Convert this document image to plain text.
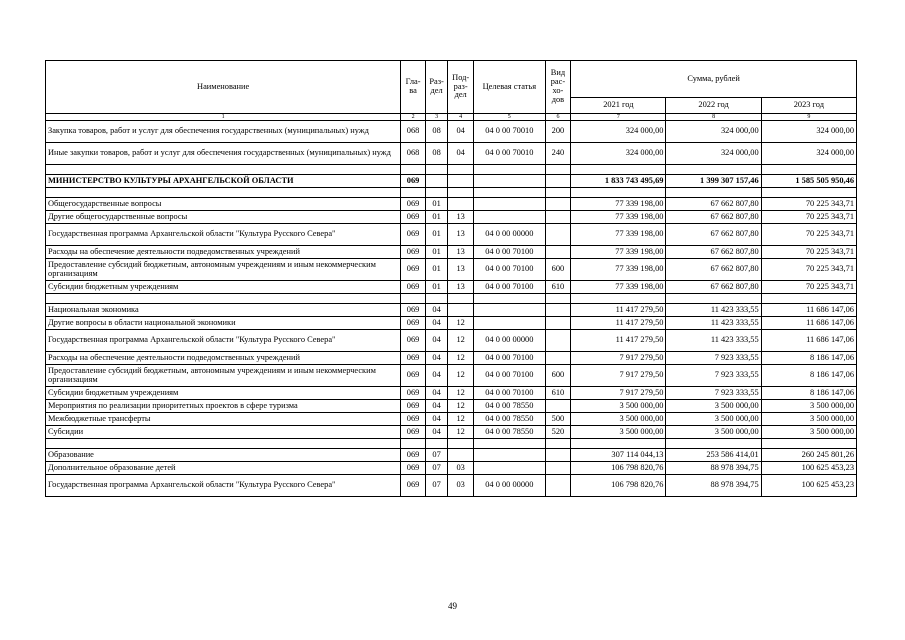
Наименование	Гла-ва	Раз-дел	Под-раз-дел	Целевая статья	Вид рас-хо-дов	Сумма, рублей		
						2021 год	2022 год	2023 год
1	2	3	4	5	6	7	8	9
Закупка товаров, работ и услуг для обеспечения государственных (муниципальных) нужд	068	08	04	04 0 00 70010	200	324 000,00	324 000,00	324 000,00
Иные закупки товаров, работ и услуг для обеспечения государственных (муниципальных) нужд	068	08	04	04 0 00 70010	240	324 000,00	324 000,00	324 000,00

МИНИСТЕРСТВО КУЛЬТУРЫ АРХАНГЕЛЬСКОЙ ОБЛАСТИ	069					1 833 743 495,69	1 399 307 157,46	1 585 505 950,46

Общегосударственные вопросы	069	01				77 339 198,00	67 662 807,80	70 225 343,71
Другие общегосударственные вопросы	069	01	13			77 339 198,00	67 662 807,80	70 225 343,71
Государственная программа Архангельской области "Культура Русского Севера"	069	01	13	04 0 00 00000		77 339 198,00	67 662 807,80	70 225 343,71
Расходы на обеспечение деятельности подведомственных учреждений	069	01	13	04 0 00 70100		77 339 198,00	67 662 807,80	70 225 343,71
Предоставление субсидий бюджетным, автономным учреждениям и иным некоммерческим организациям	069	01	13	04 0 00 70100	600	77 339 198,00	67 662 807,80	70 225 343,71
Субсидии бюджетным учреждениям	069	01	13	04 0 00 70100	610	77 339 198,00	67 662 807,80	70 225 343,71

Национальная экономика	069	04				11 417 279,50	11 423 333,55	11 686 147,06
Другие вопросы в области национальной экономики	069	04	12			11 417 279,50	11 423 333,55	11 686 147,06
Государственная программа Архангельской области "Культура Русского Севера"	069	04	12	04 0 00 00000		11 417 279,50	11 423 333,55	11 686 147,06
Расходы на обеспечение деятельности подведомственных учреждений	069	04	12	04 0 00 70100		7 917 279,50	7 923 333,55	8 186 147,06
Предоставление субсидий бюджетным, автономным учреждениям и иным некоммерческим организациям	069	04	12	04 0 00 70100	600	7 917 279,50	7 923 333,55	8 186 147,06
Субсидии бюджетным учреждениям	069	04	12	04 0 00 70100	610	7 917 279,50	7 923 333,55	8 186 147,06
Мероприятия по реализации приоритетных проектов в сфере туризма	069	04	12	04 0 00 78550		3 500 000,00	3 500 000,00	3 500 000,00
Межбюджетные трансферты	069	04	12	04 0 00 78550	500	3 500 000,00	3 500 000,00	3 500 000,00
Субсидии	069	04	12	04 0 00 78550	520	3 500 000,00	3 500 000,00	3 500 000,00

Образование	069	07				307 114 044,13	253 586 414,01	260 245 801,26
Дополнительное образование детей	069	07	03			106 798 820,76	88 978 394,75	100 625 453,23
Государственная программа Архангельской области "Культура Русского Севера"	069	07	03	04 0 00 00000		106 798 820,76	88 978 394,75	100 625 453,23
49
